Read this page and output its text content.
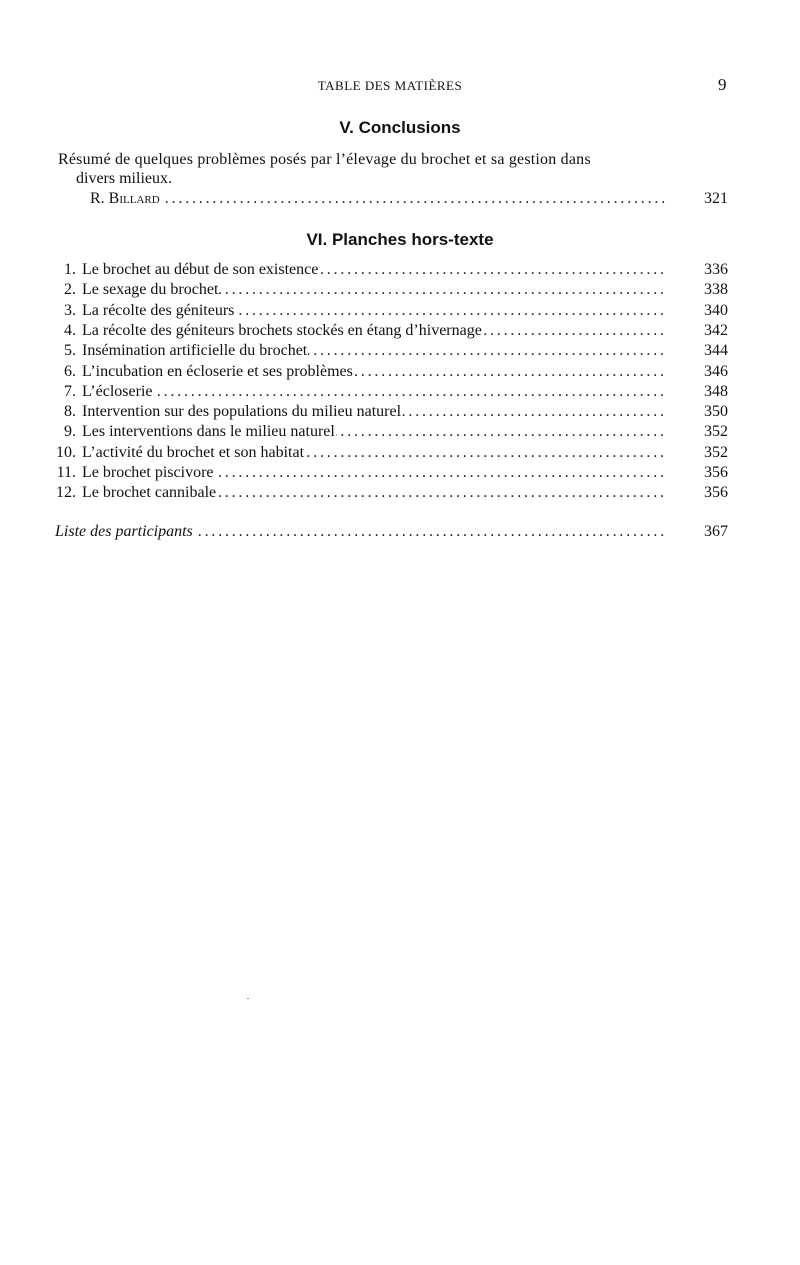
TABLE DES MATIÈRES	9
V. Conclusions
Résumé de quelques problèmes posés par l’élevage du brochet et sa gestion dans
divers milieux.
. . .
R. Billard	321
VI. Planches hors-texte
1. . . . Le brochet au début de son existence	336
2. . . . Le sexage du brochet	338
3. . . . La récolte des géniteurs	340
4. . . . La récolte des géniteurs brochets stockés en étang d’hivernage	342
5. . . . Insémination artificielle du brochet	344
6. . . . L’incubation en écloserie et ses problèmes	346
7. . . . L’écloserie	348
8. . . . Intervention sur des populations du milieu naturel	350
9. . . . Les interventions dans le milieu naturel	352
10. . . . L’activité du brochet et son habitat	352
11. . . . Le brochet piscivore	356
12. . . . Le brochet cannibale	356
. . .
Liste des participants	367
